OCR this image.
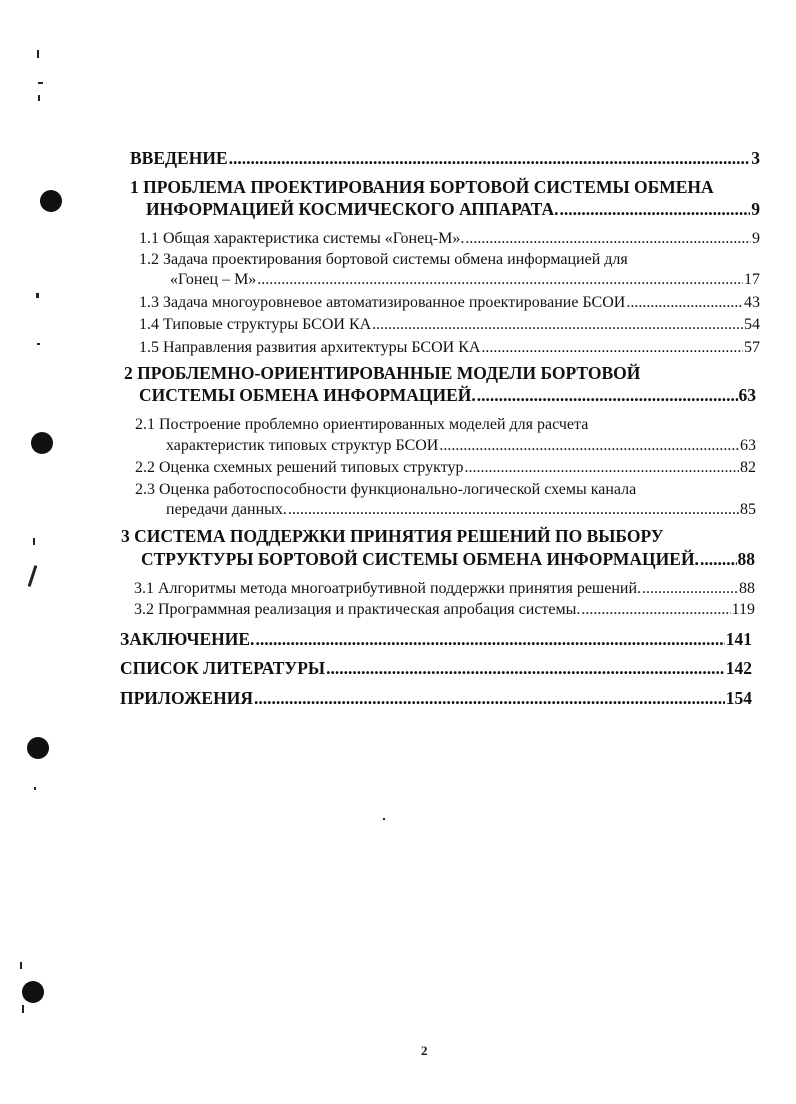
ВВЕДЕНИЕ .....	3
1 ПРОБЛЕМА ПРОЕКТИРОВАНИЯ БОРТОВОЙ СИСТЕМЫ ОБМЕНА
ИНФОРМАЦИЕЙ КОСМИЧЕСКОГО АППАРАТА. .....	9
1.1 Общая характеристика системы «Гонец-М». .....	9
1.2 Задача проектирования бортовой системы обмена информацией для
«Гонец – М» .....	17
1.3 Задача многоуровневое автоматизированное проектирование БСОИ .....	43
1.4 Типовые структуры БСОИ КА .....	54
1.5 Направления развития архитектуры БСОИ КА .....	57
2 ПРОБЛЕМНО-ОРИЕНТИРОВАННЫЕ МОДЕЛИ БОРТОВОЙ
СИСТЕМЫ ОБМЕНА ИНФОРМАЦИЕЙ. .....	63
2.1 Построение проблемно ориентированных моделей для расчета
характеристик типовых структур БСОИ .....	63
2.2 Оценка схемных решений типовых структур .....	82
2.3 Оценка работоспособности функционально-логической схемы канала
передачи данных. .....	85
3 СИСТЕМА ПОДДЕРЖКИ ПРИНЯТИЯ РЕШЕНИЙ ПО ВЫБОРУ
СТРУКТУРЫ БОРТОВОЙ СИСТЕМЫ ОБМЕНА ИНФОРМАЦИЕЙ. ..... 88
3.1 Алгоритмы метода многоатрибутивной поддержки принятия решений. .....	88
3.2 Программная реализация и практическая апробация системы. .....	119
ЗАКЛЮЧЕНИЕ. .....	141
СПИСОК ЛИТЕРАТУРЫ .....	142
ПРИЛОЖЕНИЯ .....	154
2
